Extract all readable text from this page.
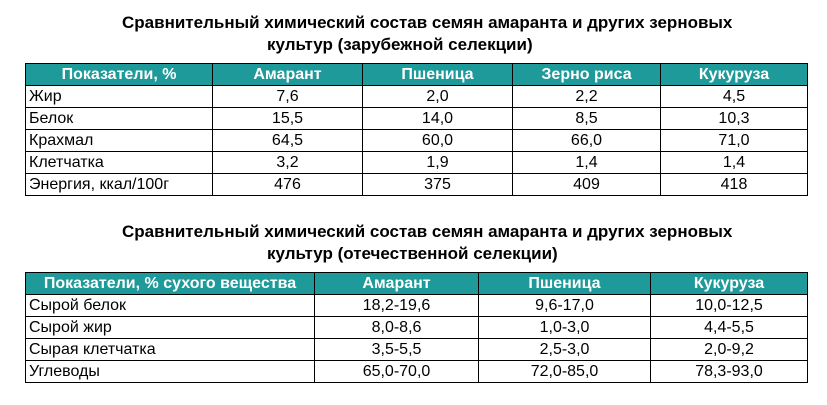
Сравнительный химический состав семян амаранта и других зерновых
культур (зарубежной селекции)
Показатели, %	Амарант	Пшеница	Зерно риса	Кукуруза
Жир	7,6	2,0	2,2	4,5
Белок	15,5	14,0	8,5	10,3
Крахмал	64,5	60,0	66,0	71,0
Клетчатка	3,2	1,9	1,4	1,4
Энергия, ккал/100г	476	375	409	418
Сравнительный химический состав семян амаранта и других зерновых
культур (отечественной селекции)
Показатели, % сухого вещества	Амарант	Пшеница	Кукуруза
Сырой белок	18,2-19,6	9,6-17,0	10,0-12,5
Сырой жир	8,0-8,6	1,0-3,0	4,4-5,5
Сырая клетчатка	3,5-5,5	2,5-3,0	2,0-9,2
Углеводы	65,0-70,0	72,0-85,0	78,3-93,0
